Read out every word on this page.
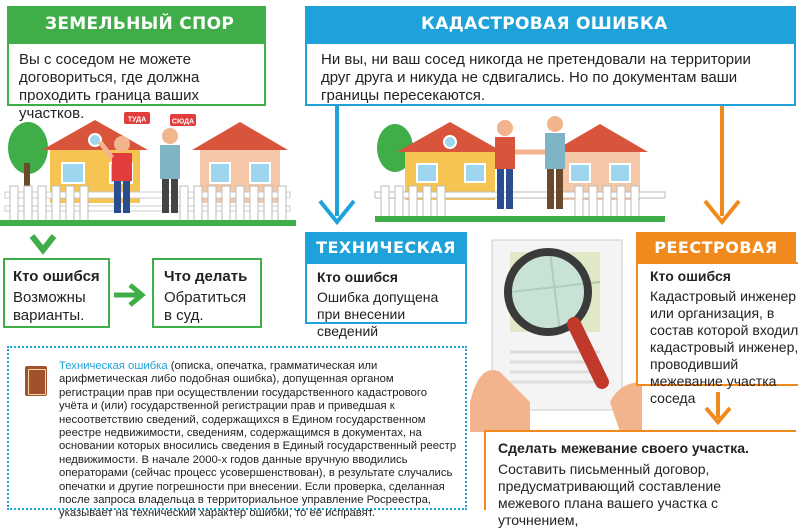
ЗЕМЕЛЬНЫЙ СПОР	КАДАСТРОВАЯ ОШИБКА
Вы с соседом не можете договориться, где должна проходить граница ваших участков.
Ни вы, ни ваш сосед никогда не претендовали на территории друг друга и никуда не сдвигались. Но по документам ваши границы пересекаются.
ТУДА	СЮДА
Кто ошибся
Возможны варианты.
Что делать
Обратиться в суд.
ТЕХНИЧЕСКАЯ
Кто ошибся
Ошибка допущена при внесении сведений
РЕЕСТРОВАЯ
Кто ошибся
Кадастровый инженер или организация, в состав которой входил кадастровый инженер, проводивший межевание участка соседа
Сделать межевание своего участка.
Составить письменный договор, предусматривающий составление межевого плана вашего участка с уточнением,
Техническая ошибка (описка, опечатка, грамматическая или арифметическая либо подобная ошибка), допущенная органом регистрации прав при осуществлении государственного кадастрового учёта и (или) государственной регистрации прав и приведшая к несоответствию сведений, содержащихся в Едином государственном реестре недвижимости, сведениям, содержащимся в документах, на основании которых вносились сведения в Единый государственный реестр недвижимости. В начале 2000-х годов данные вручную вводились операторами (сейчас процесс усовершенствован), в результате случались опечатки и другие погрешности при внесении. Если проверка, сделанная после запроса владельца в территориальное управление Росреестра, указывает на технический характер ошибки, то её исправят.
